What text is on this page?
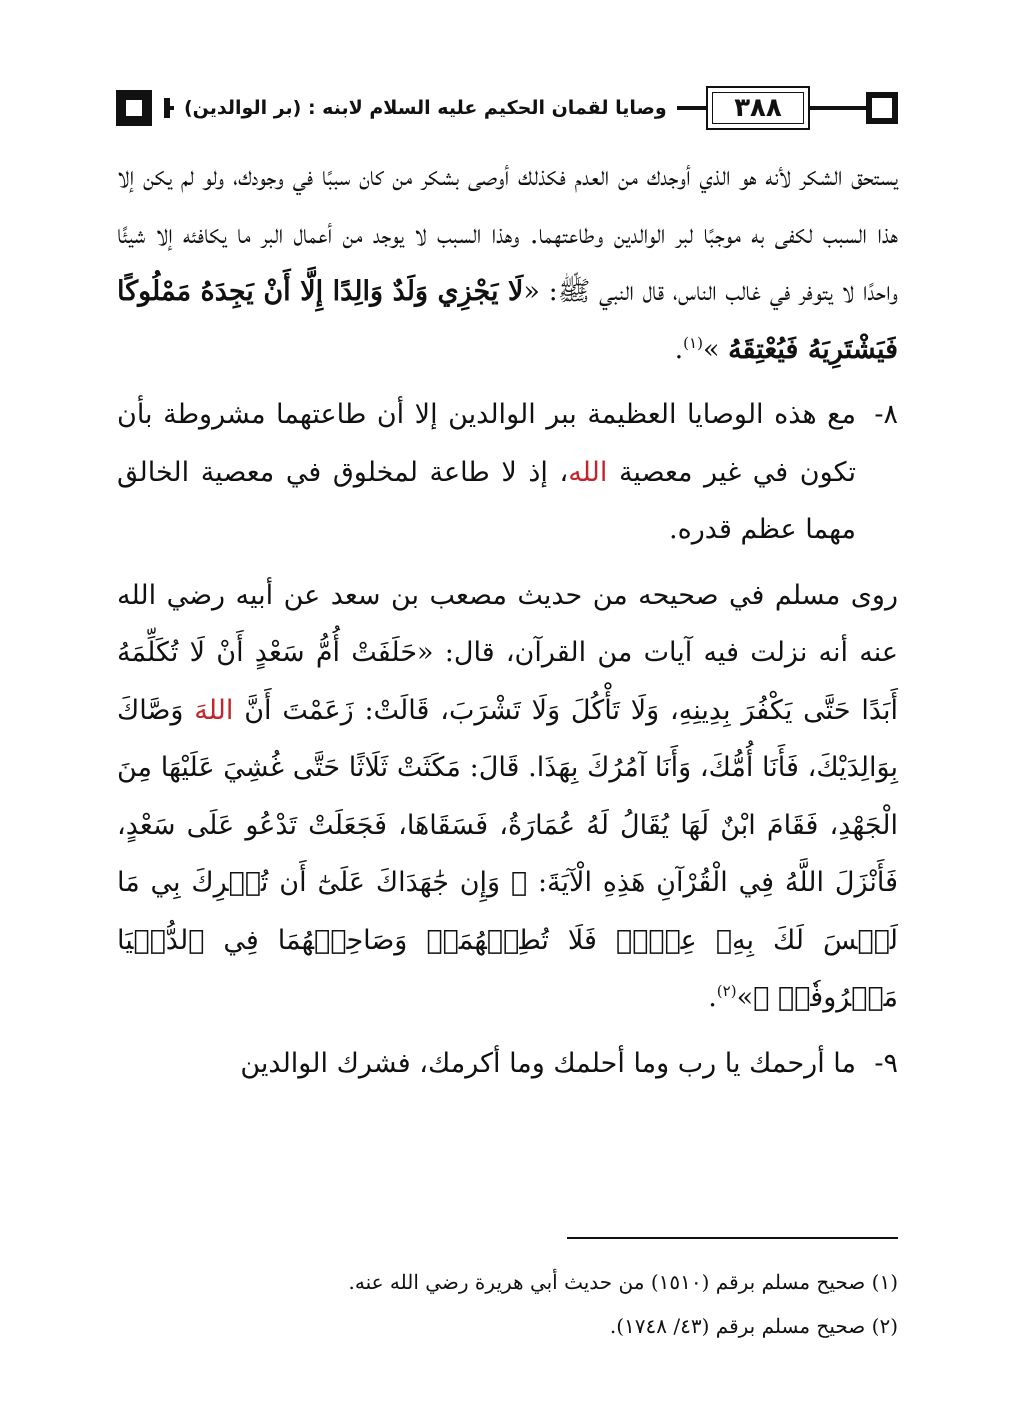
وصايا لقمان الحكيم عليه السلام لابنه : (بر الوالدين)	٣٨٨

يستحق الشكر لأنه هو الذي أوجدك من العدم فكذلك أوصى بشكر من كان سببًا في وجودك، ولو لم يكن إلا هذا السبب لكفى به موجبًا لبر الوالدين وطاعتهما. وهذا السبب لا يوجد من أعمال البر ما يكافئه إلا شيئًا واحدًا لا يتوفر في غالب الناس، قال النبي ﷺ: «لَا يَجْزِي وَلَدٌ وَالِدًا إِلَّا أَنْ يَجِدَهُ مَمْلُوكًا فَيَشْتَرِيَهُ فَيُعْتِقَهُ »$^{(١)}$.

٨-

مع هذه الوصايا العظيمة ببر الوالدين إلا أن طاعتهما مشروطة بأن تكون في غير معصية الله، إذ لا طاعة لمخلوق في معصية الخالق مهما عظم قدره.

روى مسلم في صحيحه من حديث مصعب بن سعد عن أبيه رضي الله عنه أنه نزلت فيه آيات من القرآن، قال: «حَلَفَتْ أُمُّ سَعْدٍ أَنْ لَا تُكَلِّمَهُ أَبَدًا حَتَّى يَكْفُرَ بِدِينِهِ، وَلَا تَأْكُلَ وَلَا تَشْرَبَ، قَالَتْ: زَعَمْتَ أَنَّ اللهَ وَصَّاكَ بِوَالِدَيْكَ، فَأَنَا أُمُّكَ، وَأَنَا آمُرُكَ بِهَذَا. قَالَ: مَكَثَتْ ثَلَاثًا حَتَّى غُشِيَ عَلَيْهَا مِنَ الْجَهْدِ، فَقَامَ ابْنٌ لَهَا يُقَالُ لَهُ عُمَارَةُ، فَسَقَاهَا، فَجَعَلَتْ تَدْعُو عَلَى سَعْدٍ، فَأَنْزَلَ اللَّهُ فِي الْقُرْآنِ هَذِهِ الْآيَةَ: ﴿ وَإِن جَٰهَدَاكَ عَلَىٰٓ أَن تُشۡرِكَ بِي مَا لَيۡسَ لَكَ بِهِۦ عِلۡمٞ فَلَا تُطِعۡهُمَاۖ وَصَاحِبۡهُمَا فِي ٱلدُّنۡيَا مَعۡرُوفٗاۖ ﴾»$^{(٢)}$.

٩-

ما أرحمك يا رب وما أحلمك وما أكرمك، فشرك الوالدين

(١) صحيح مسلم برقم (١٥١٠) من حديث أبي هريرة رضي الله عنه.

(٢) صحيح مسلم برقم (٤٣/ ١٧٤٨).
